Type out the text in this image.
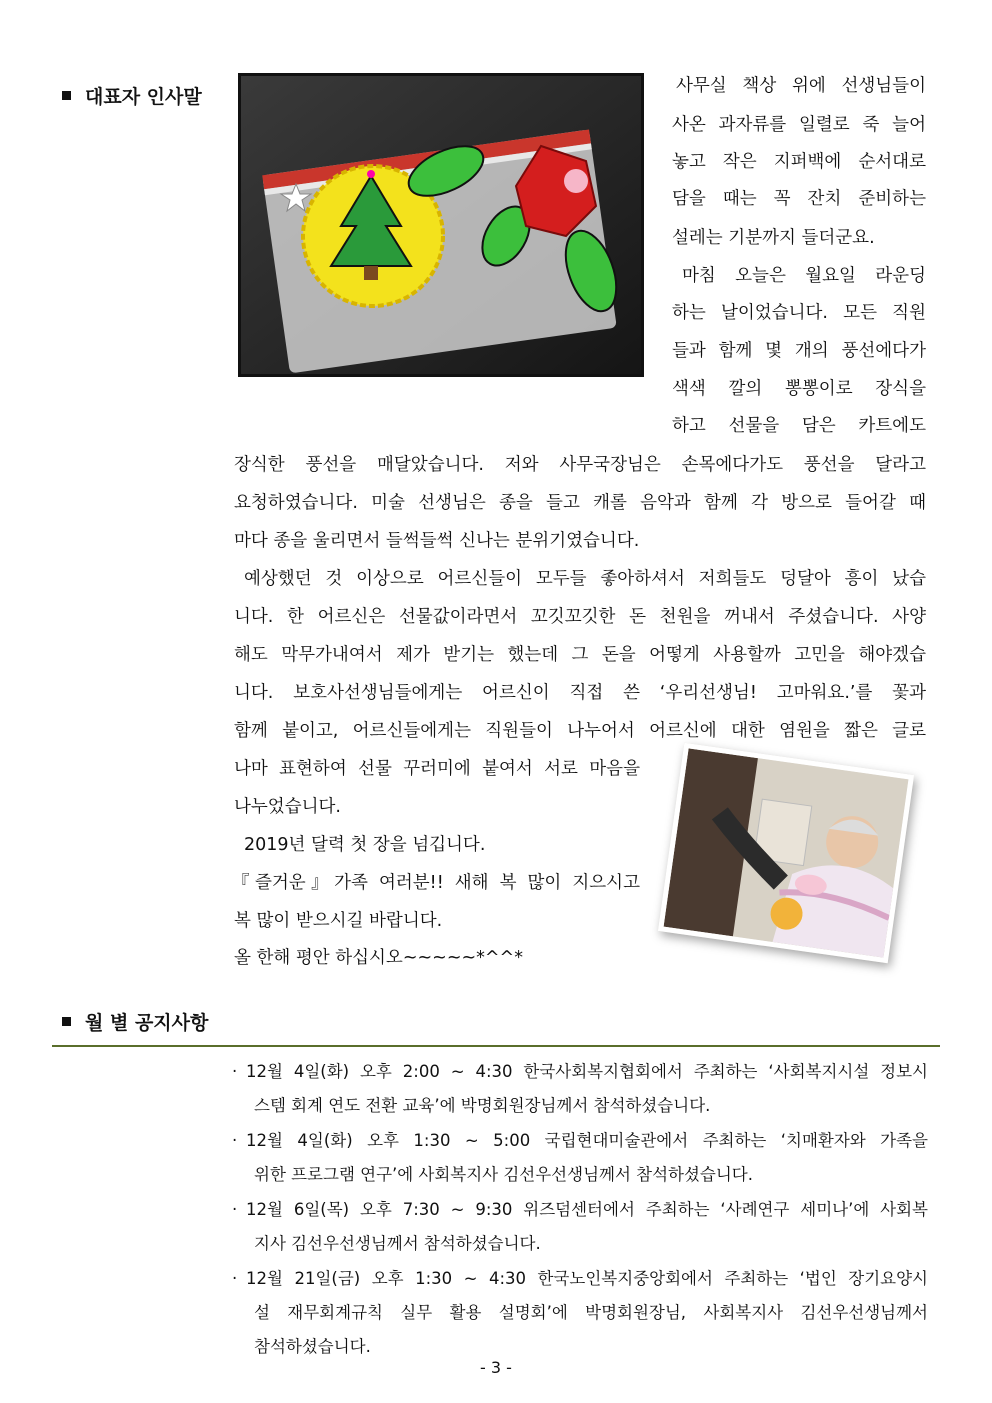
대표자 인사말	사무실 책상 위에 선생님들이
사온 과자류를 일렬로 죽 늘어
놓고 작은 지퍼백에 순서대로
담을 때는 꼭 잔치 준비하는
설레는 기분까지 들더군요.
마침 오늘은 월요일 라운딩
하는 날이었습니다. 모든 직원
들과 함께 몇 개의 풍선에다가
색색 깔의 뽕뽕이로 장식을
하고 선물을 담은 카트에도
장식한 풍선을 매달았습니다. 저와 사무국장님은 손목에다가도 풍선을 달라고
요청하였습니다. 미술 선생님은 종을 들고 캐롤 음악과 함께 각 방으로 들어갈 때
마다 종을 울리면서 들썩들썩 신나는 분위기였습니다.
예상했던 것 이상으로 어르신들이 모두들 좋아하셔서 저희들도 덩달아 흥이 났습
니다. 한 어르신은 선물값이라면서 꼬깃꼬깃한 돈 천원을 꺼내서 주셨습니다. 사양
해도 막무가내여서 제가 받기는 했는데 그 돈을 어떻게 사용할까 고민을 해야겠습
니다. 보호사선생님들에게는 어르신이 직접 쓴 ‘우리선생님! 고마워요.’를 꽃과
함께 붙이고, 어르신들에게는 직원들이 나누어서 어르신에 대한 염원을 짧은 글로
나마 표현하여 선물 꾸러미에 붙여서 서로 마음을
나누었습니다.
2019년 달력 첫 장을 넘깁니다.
『즐거운』가족 여러분!! 새해 복 많이 지으시고
복 많이 받으시길 바랍니다.
올 한해 평안 하십시오~~~~~*^^*
월 별 공지사항
· 12월 4일(화) 오후 2:00 ~ 4:30 한국사회복지협회에서 주최하는 ‘사회복지시설 정보시
스템 회계 연도 전환 교육’에 박명회원장님께서 참석하셨습니다.
· 12월 4일(화) 오후 1:30 ~ 5:00 국립현대미술관에서 주최하는 ‘치매환자와 가족을
위한 프로그램 연구’에 사회복지사 김선우선생님께서 참석하셨습니다.
· 12월 6일(목) 오후 7:30 ~ 9:30 위즈덤센터에서 주최하는 ‘사례연구 세미나’에 사회복
지사 김선우선생님께서 참석하셨습니다.
· 12월 21일(금) 오후 1:30 ~ 4:30 한국노인복지중앙회에서 주최하는 ‘법인 장기요양시
설 재무회계규칙 실무 활용 설명회’에 박명회원장님, 사회복지사 김선우선생님께서
참석하셨습니다.
- 3 -
